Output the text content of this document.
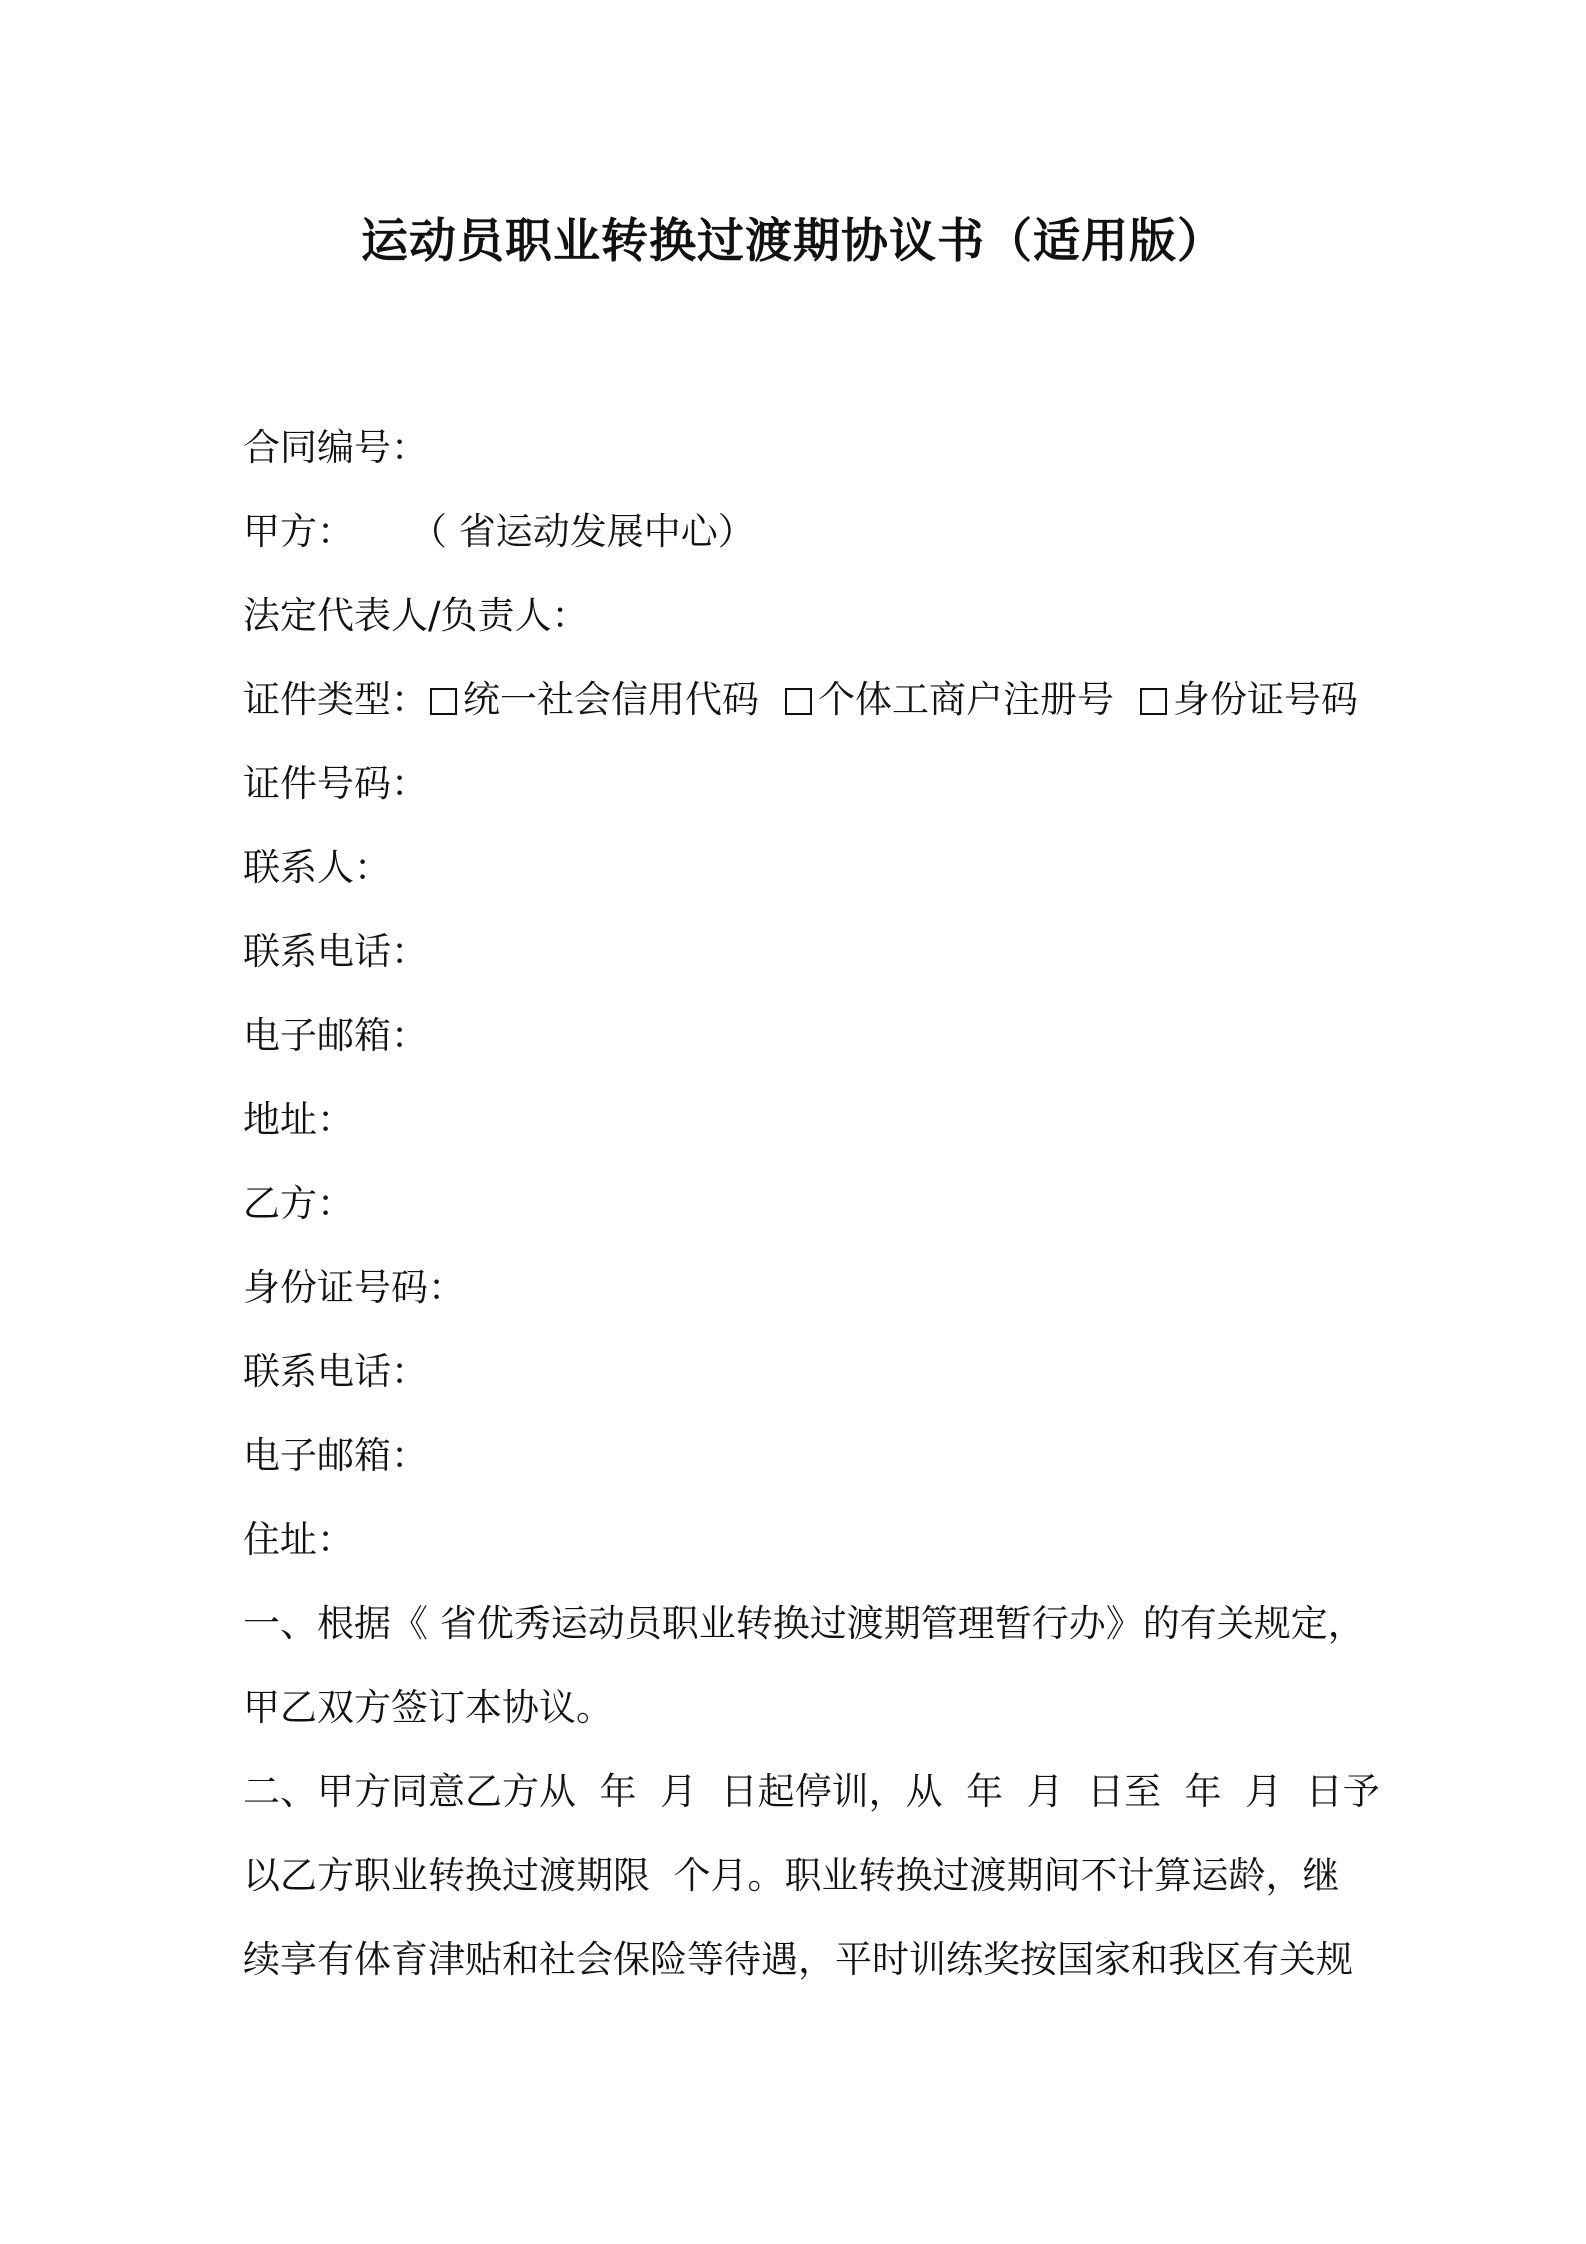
运动员职业转换过渡期协议书（适用版）
合同编号：
甲方： （ 省运动发展中心）
法定代表人/负责人：
证件类型： 统一社会信用代码 个体工商户注册号 身份证号码
证件号码：
联系人：
联系电话：
电子邮箱：
地址：
乙方：
身份证号码：
联系电话：
电子邮箱：
住址：
一、根据《 省优秀运动员职业转换过渡期管理暂行办》的有关规定，
甲乙双方签订本协议。
二、甲方同意乙方从  年  月  日起停训，从  年  月  日至  年  月  日予
以乙方职业转换过渡期限  个月。职业转换过渡期间不计算运龄，继
续享有体育津贴和社会保险等待遇，平时训练奖按国家和我区有关规
